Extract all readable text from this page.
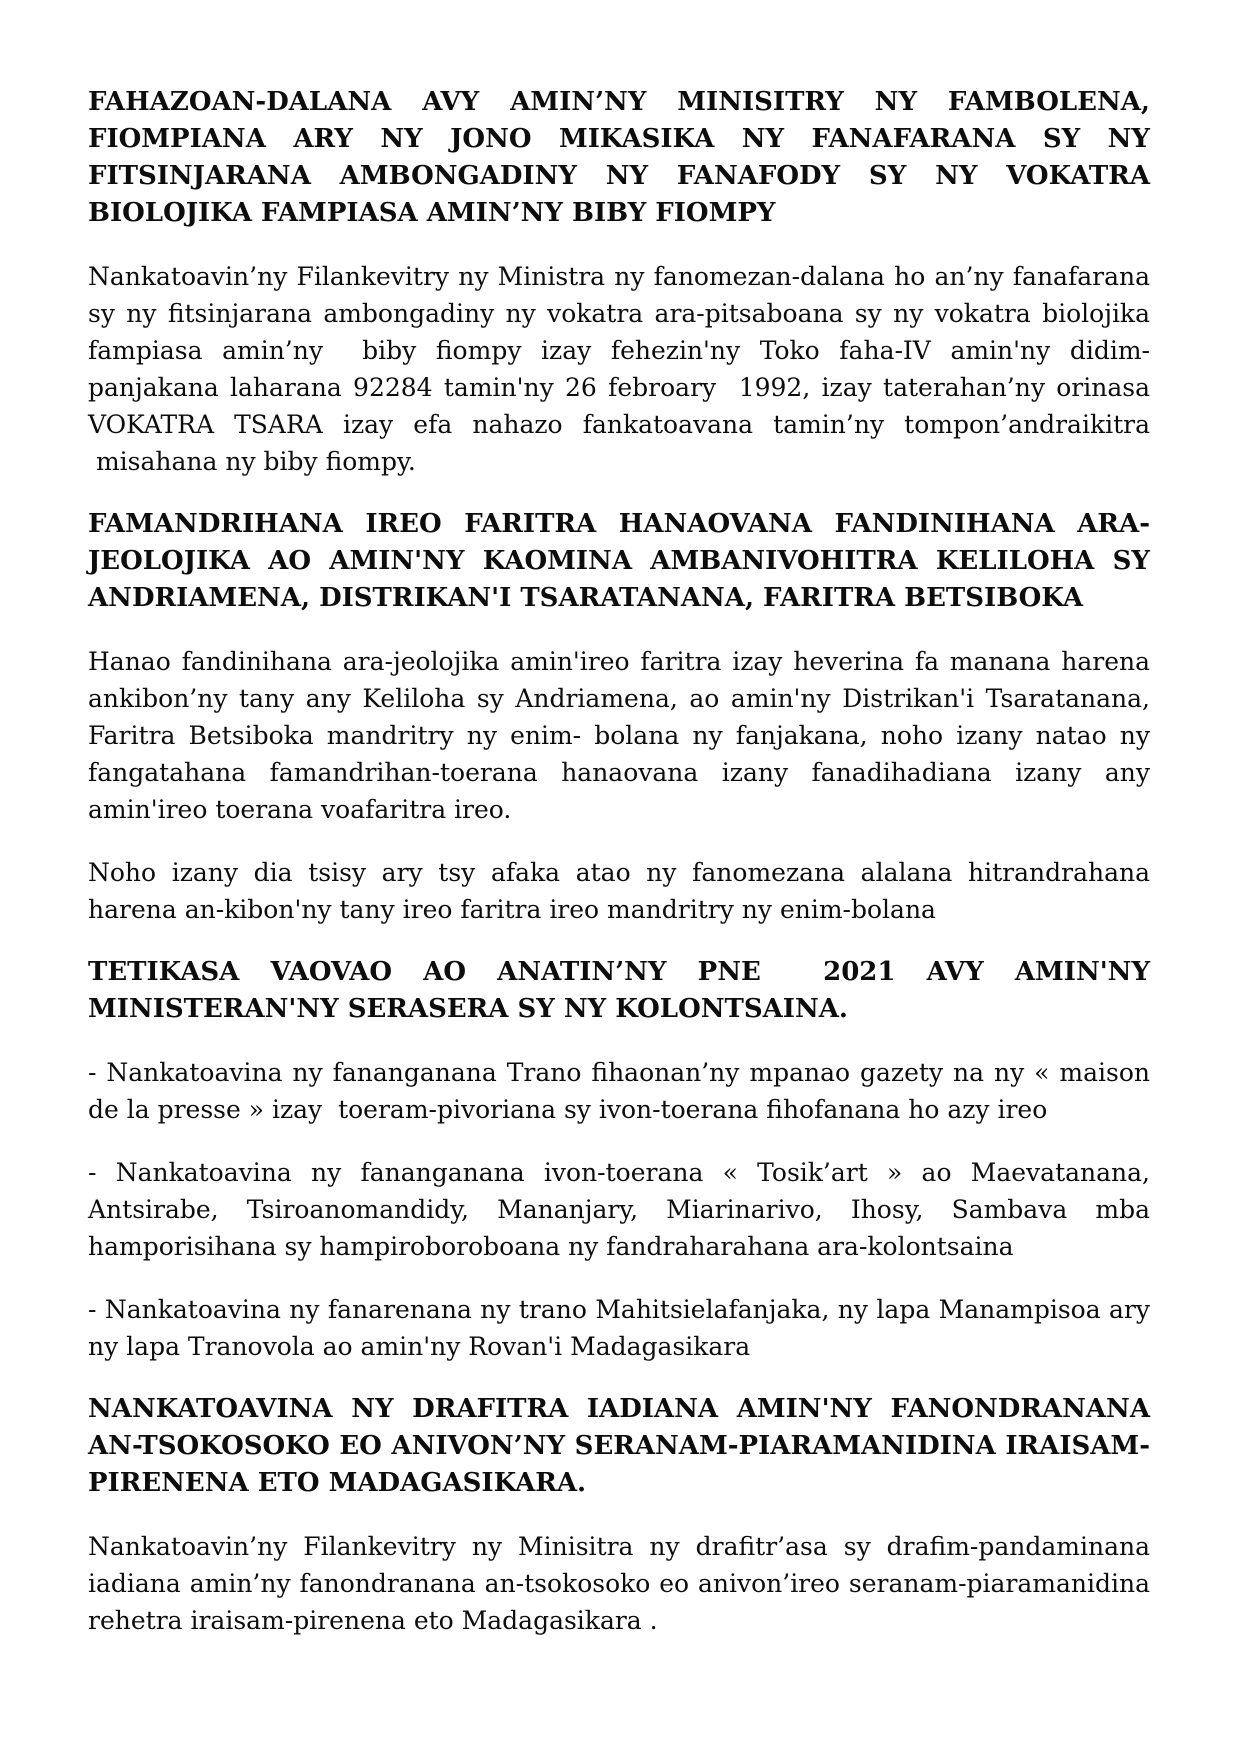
FAHAZOAN-DALANA AVY AMIN’NY MINISITRY NY FAMBOLENA, FIOMPIANA ARY NY JONO MIKASIKA NY FANAFARANA SY NY FITSINJARANA AMBONGADINY NY FANAFODY SY NY VOKATRA BIOLOJIKA FAMPIASA AMIN’NY BIBY FIOMPY

Nankatoavin’ny Filankevitry ny Ministra ny fanomezan-dalana ho an’ny fanafarana sy ny fitsinjarana ambongadiny ny vokatra ara-pitsaboana sy ny vokatra biolojika fampiasa amin’ny  biby fiompy izay fehezin'ny Toko faha-IV amin'ny didim-panjakana laharana 92284 tamin'ny 26 febroary  1992, izay taterahan’ny orinasa VOKATRA TSARA izay efa nahazo fankatoavana tamin’ny tompon’andraikitra  misahana ny biby fiompy.

FAMANDRIHANA IREO FARITRA HANAOVANA FANDINIHANA ARA-JEOLOJIKA AO AMIN'NY KAOMINA AMBANIVOHITRA KELILOHA SY ANDRIAMENA, DISTRIKAN'I TSARATANANA, FARITRA BETSIBOKA

Hanao fandinihana ara-jeolojika amin'ireo faritra izay heverina fa manana harena ankibon’ny tany any Keliloha sy Andriamena, ao amin'ny Distrikan'i Tsaratanana, Faritra Betsiboka mandritry ny enim- bolana ny fanjakana, noho izany natao ny fangatahana famandrihan-toerana hanaovana izany fanadihadiana izany any amin'ireo toerana voafaritra ireo.

Noho izany dia tsisy ary tsy afaka atao ny fanomezana alalana hitrandrahana harena an-kibon'ny tany ireo faritra ireo mandritry ny enim-bolana

TETIKASA VAOVAO AO ANATIN’NY PNE  2021 AVY AMIN'NY MINISTERAN'NY SERASERA SY NY KOLONTSAINA.

- Nankatoavina ny fananganana Trano fihaonan’ny mpanao gazety na ny « maison de la presse » izay  toeram-pivoriana sy ivon-toerana fihofanana ho azy ireo

- Nankatoavina ny fananganana ivon-toerana « Tosik’art » ao Maevatanana, Antsirabe, Tsiroanomandidy, Mananjary, Miarinarivo, Ihosy, Sambava mba hamporisihana sy hampiroboroboana ny fandraharahana ara-kolontsaina

- Nankatoavina ny fanarenana ny trano Mahitsielafanjaka, ny lapa Manampisoa ary ny lapa Tranovola ao amin'ny Rovan'i Madagasikara

NANKATOAVINA NY DRAFITRA IADIANA AMIN'NY FANONDRANANA AN-TSOKOSOKO EO ANIVON’NY SERANAM-PIARAMANIDINA IRAISAM-PIRENENA ETO MADAGASIKARA.

Nankatoavin’ny Filankevitry ny Minisitra ny drafitr’asa sy drafim-pandaminana iadiana amin’ny fanondranana an-tsokosoko eo anivon’ireo seranam-piaramanidina rehetra iraisam-pirenena eto Madagasikara .
